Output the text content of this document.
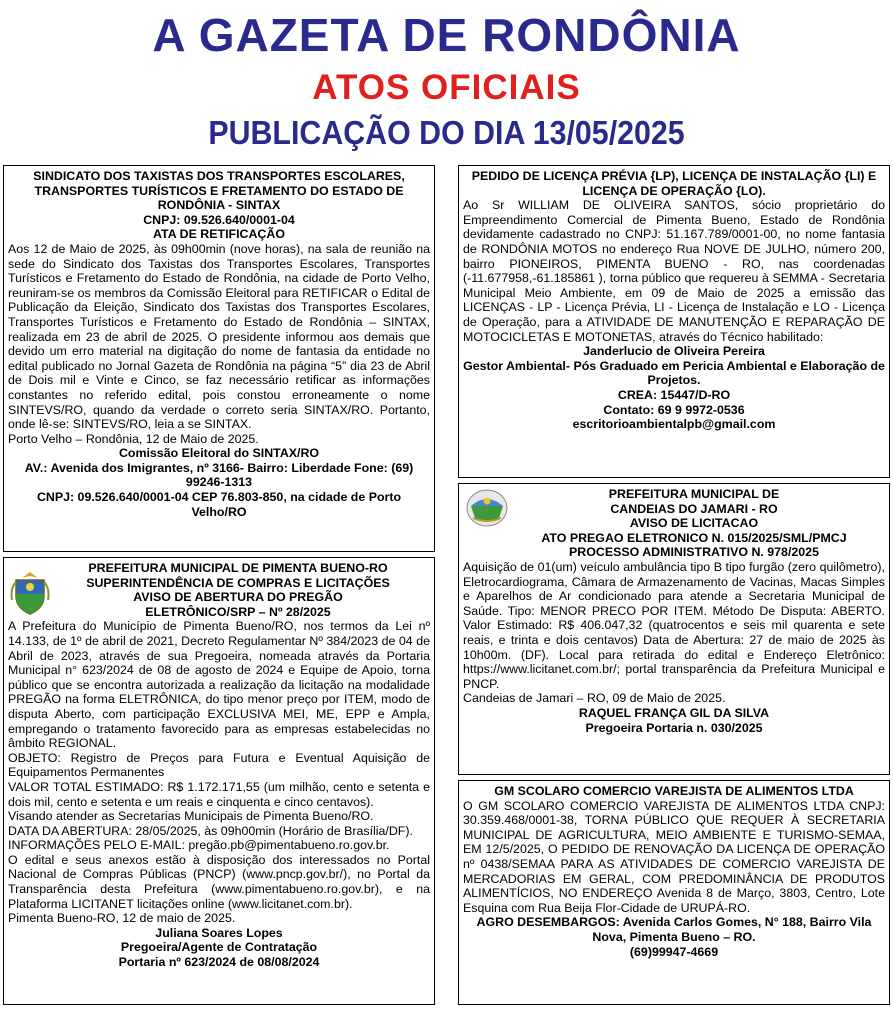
A GAZETA DE RONDÔNIA
ATOS OFICIAIS
PUBLICAÇÃO DO DIA 13/05/2025

SINDICATO DOS TAXISTAS DOS TRANSPORTES ESCOLARES, TRANSPORTES TURÍSTICOS E FRETAMENTO DO ESTADO DE RONDÔNIA - SINTAX

CNPJ: 09.526.640/0001-04

ATA DE RETIFICAÇÃO

Aos 12 de Maio de 2025, às 09h00min (nove horas), na sala de reunião na sede do Sindicato dos Taxistas dos Transportes Escolares, Transportes Turísticos e Fretamento do Estado de Rondônia, na cidade de Porto Velho, reuniram-se os membros da Comissão Eleitoral para RETIFICAR o Edital de Publicação da Eleição, Sindicato dos Taxistas dos Transportes Escolares, Transportes Turísticos e Fretamento do Estado de Rondônia – SINTAX, realizada em 23 de abril de 2025. O presidente informou aos demais que devido um erro material na digitação do nome de fantasia da entidade no edital publicado no Jornal Gazeta de Rondônia na página “5” dia 23 de Abril de Dois mil e Vinte e Cinco, se faz necessário retificar as informações constantes no referido edital, pois constou erroneamente o nome SINTEVS/RO, quando da verdade o correto seria SINTAX/RO. Portanto, onde lê-se: SINTEVS/RO, leia a se SINTAX.

Porto Velho – Rondônia, 12 de Maio de 2025.

Comissão Eleitoral do SINTAX/RO

AV.: Avenida dos Imigrantes, nº 3166- Bairro: Liberdade Fone: (69) 99246-1313

CNPJ: 09.526.640/0001-04 CEP 76.803-850, na cidade de Porto Velho/RO

PREFEITURA MUNICIPAL DE PIMENTA BUENO-RO

SUPERINTENDÊNCIA DE COMPRAS E LICITAÇÕES

AVISO DE ABERTURA DO PREGÃO

ELETRÔNICO/SRP – Nº 28/2025

A Prefeitura do Município de Pimenta Bueno/RO, nos termos da Lei nº 14.133, de 1º de abril de 2021, Decreto Regulamentar Nº 384/2023 de 04 de Abril de 2023, através de sua Pregoeira, nomeada através da Portaria Municipal n° 623/2024 de 08 de agosto de 2024 e Equipe de Apoio, torna público que se encontra autorizada a realização da licitação na modalidade PREGÃO na forma ELETRÔNICA, do tipo menor preço por ITEM, modo de disputa Aberto, com participação EXCLUSIVA MEI, ME, EPP e Ampla, empregando o tratamento favorecido para as empresas estabelecidas no âmbito REGIONAL.

OBJETO: Registro de Preços para Futura e Eventual Aquisição de Equipamentos Permanentes

VALOR TOTAL ESTIMADO: R$ 1.172.171,55 (um milhão, cento e setenta e dois mil, cento e setenta e um reais e cinquenta e cinco centavos).

Visando atender as Secretarias Municipais de Pimenta Bueno/RO.

DATA DA ABERTURA: 28/05/2025, às 09h00min (Horário de Brasília/DF).

INFORMAÇÕES PELO E-MAIL: pregão.pb@pimentabueno.ro.gov.br.

O edital e seus anexos estão à disposição dos interessados no Portal Nacional de Compras Públicas (PNCP) (www.pncp.gov.br/), no Portal da Transparência desta Prefeitura (www.pimentabueno.ro.gov.br), e na Plataforma LICITANET licitações online (www.licitanet.com.br).

Pimenta Bueno-RO, 12 de maio de 2025.

Juliana Soares Lopes

Pregoeira/Agente de Contratação

Portaria nº 623/2024 de 08/08/2024

PEDIDO DE LICENÇA PRÉVIA {LP), LICENÇA DE INSTALAÇÃO {LI) E LICENÇA DE OPERAÇÃO {LO).

Ao Sr WILLIAM DE OLIVEIRA SANTOS, sócio proprietário do Empreendimento Comercial de Pimenta Bueno, Estado de Rondônia devidamente cadastrado no CNPJ: 51.167.789/0001-00, no nome fantasia de RONDÔNIA MOTOS no endereço Rua NOVE DE JULHO, número 200, bairro PIONEIROS, PIMENTA BUENO - RO, nas coordenadas (-11.677958,-61.185861 ), torna público que requereu à SEMMA - Secretaria Municipal Meio Ambiente, em 09 de Maio de 2025 a emissão das LICENÇAS - LP - Licença Prévia, LI - Licença de Instalação e LO - Licença de Operação, para a ATIVIDADE DE MANUTENÇÃO E REPARAÇÃO DE MOTOCICLETAS E MOTONETAS, através do Técnico habilitado:

Janderlucio de Oliveira Pereira

Gestor Ambiental- Pós Graduado em Pericia Ambiental e Elaboração de Projetos.

CREA: 15447/D-RO

Contato: 69 9 9972-0536

escritorioambientalpb@gmail.com

PREFEITURA MUNICIPAL DE

CANDEIAS DO JAMARI - RO

AVISO DE LICITACAO

ATO PREGAO ELETRONICO N. 015/2025/SML/PMCJ

PROCESSO ADMINISTRATIVO N. 978/2025

Aquisição de 01(um) veículo ambulância tipo B tipo furgão (zero quilômetro), Eletrocardiograma, Câmara de Armazenamento de Vacinas, Macas Simples e Aparelhos de Ar condicionado para atende a Secretaria Municipal de Saúde. Tipo: MENOR PRECO POR ITEM. Método De Disputa: ABERTO. Valor Estimado: R$ 406.047,32 (quatrocentos e seis mil quarenta e sete reais, e trinta e dois centavos) Data de Abertura: 27 de maio de 2025 às 10h00m. (DF). Local para retirada do edital e Endereço Eletrônico: https://www.licitanet.com.br/; portal transparência da Prefeitura Municipal e PNCP.

Candeias de Jamari – RO, 09 de Maio de 2025.

RAQUEL FRANÇA GIL DA SILVA

Pregoeira Portaria n. 030/2025

GM SCOLARO COMERCIO VAREJISTA DE ALIMENTOS LTDA

O GM SCOLARO COMERCIO VAREJISTA DE ALIMENTOS LTDA CNPJ: 30.359.468/0001-38, TORNA PÚBLICO QUE REQUER À SECRETARIA MUNICIPAL DE AGRICULTURA, MEIO AMBIENTE E TURISMO-SEMAA, EM 12/5/2025, O PEDIDO DE RENOVAÇÃO DA LICENÇA DE OPERAÇÃO nº 0438/SEMAA PARA AS ATIVIDADES DE COMERCIO VAREJISTA DE MERCADORIAS EM GERAL, COM PREDOMINÂNCIA DE PRODUTOS ALIMENTÍCIOS, NO ENDEREÇO Avenida 8 de Março, 3803, Centro, Lote Esquina com Rua Beija Flor-Cidade de URUPÁ-RO.

AGRO DESEMBARGOS: Avenida Carlos Gomes, N° 188, Bairro Vila Nova, Pimenta Bueno – RO.

(69)99947-4669
